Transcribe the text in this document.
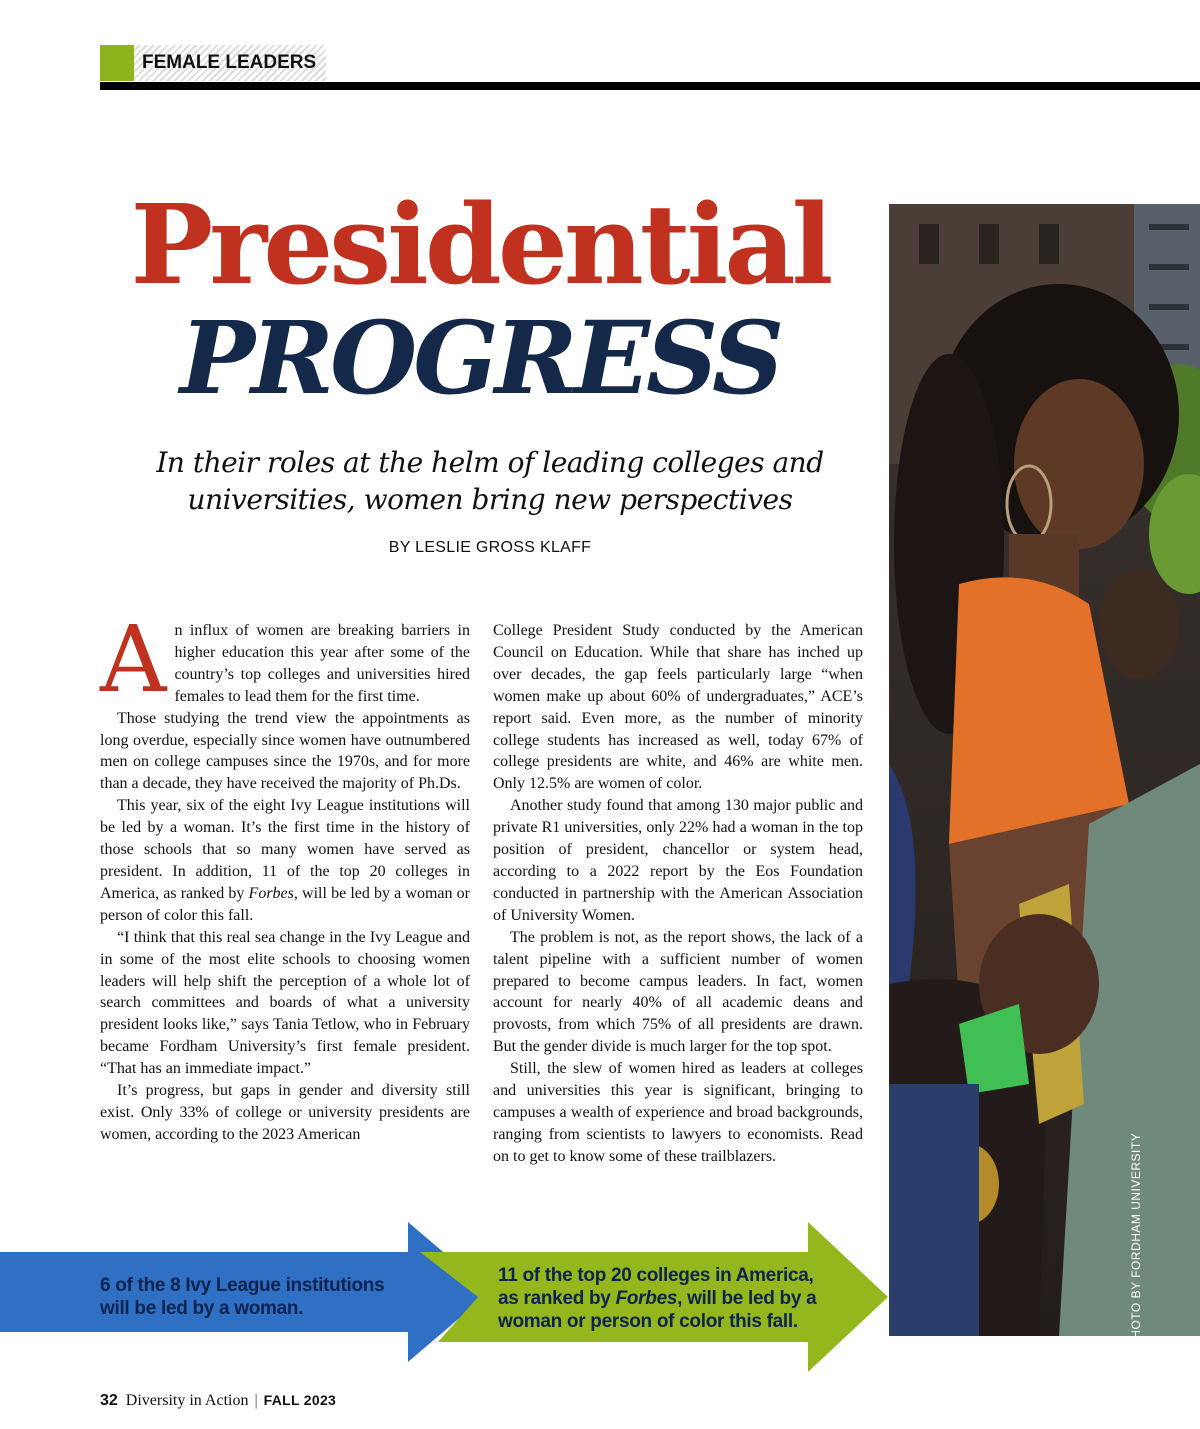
FEMALE LEADERS
Presidential
PROGRESS
In their roles at the helm of leading colleges and
universities, women bring new perspectives
BY LESLIE GROSS KLAFF

An influx of women are breaking barriers in higher education this year after some of the country’s top colleges and universities hired females to lead them for the first time.

Those studying the trend view the appointments as long overdue, especially since women have outnumbered men on college campuses since the 1970s, and for more than a decade, they have received the majority of Ph.Ds.

This year, six of the eight Ivy League institutions will be led by a woman. It’s the first time in the history of those schools that so many women have served as president. In addition, 11 of the top 20 colleges in America, as ranked by Forbes, will be led by a woman or person of color this fall.

“I think that this real sea change in the Ivy League and in some of the most elite schools to choosing women leaders will help shift the perception of a whole lot of search committees and boards of what a university president looks like,” says Tania Tetlow, who in February became Fordham University’s first female president. “That has an immediate impact.”

It’s progress, but gaps in gender and diversity still exist. Only 33% of college or university presidents are women, according to the 2023 American

College President Study conducted by the American Council on Education. While that share has inched up over decades, the gap feels particularly large “when women make up about 60% of undergraduates,” ACE’s report said. Even more, as the number of minority college students has increased as well, today 67% of college presidents are white, and 46% are white men. Only 12.5% are women of color.

Another study found that among 130 major public and private R1 universities, only 22% had a woman in the top position of president, chancellor or system head, according to a 2022 report by the Eos Foundation conducted in partnership with the American Association of University Women.

The problem is not, as the report shows, the lack of a talent pipeline with a sufficient number of women prepared to become campus leaders. In fact, women account for nearly 40% of all academic deans and provosts, from which 75% of all presidents are drawn. But the gender divide is much larger for the top spot.

Still, the slew of women hired as leaders at colleges and universities this year is significant, bringing to campuses a wealth of experience and broad backgrounds, ranging from scientists to lawyers to economists. Read on to get to know some of these trailblazers.	PHOTO BY FORDHAM UNIVERSITY
6 of the 8 Ivy League institutions
will be led by a woman.
11 of the top 20 colleges in America, as ranked by Forbes, will be led by a woman or person of color this fall.
32 Diversity in Action | FALL 2023
